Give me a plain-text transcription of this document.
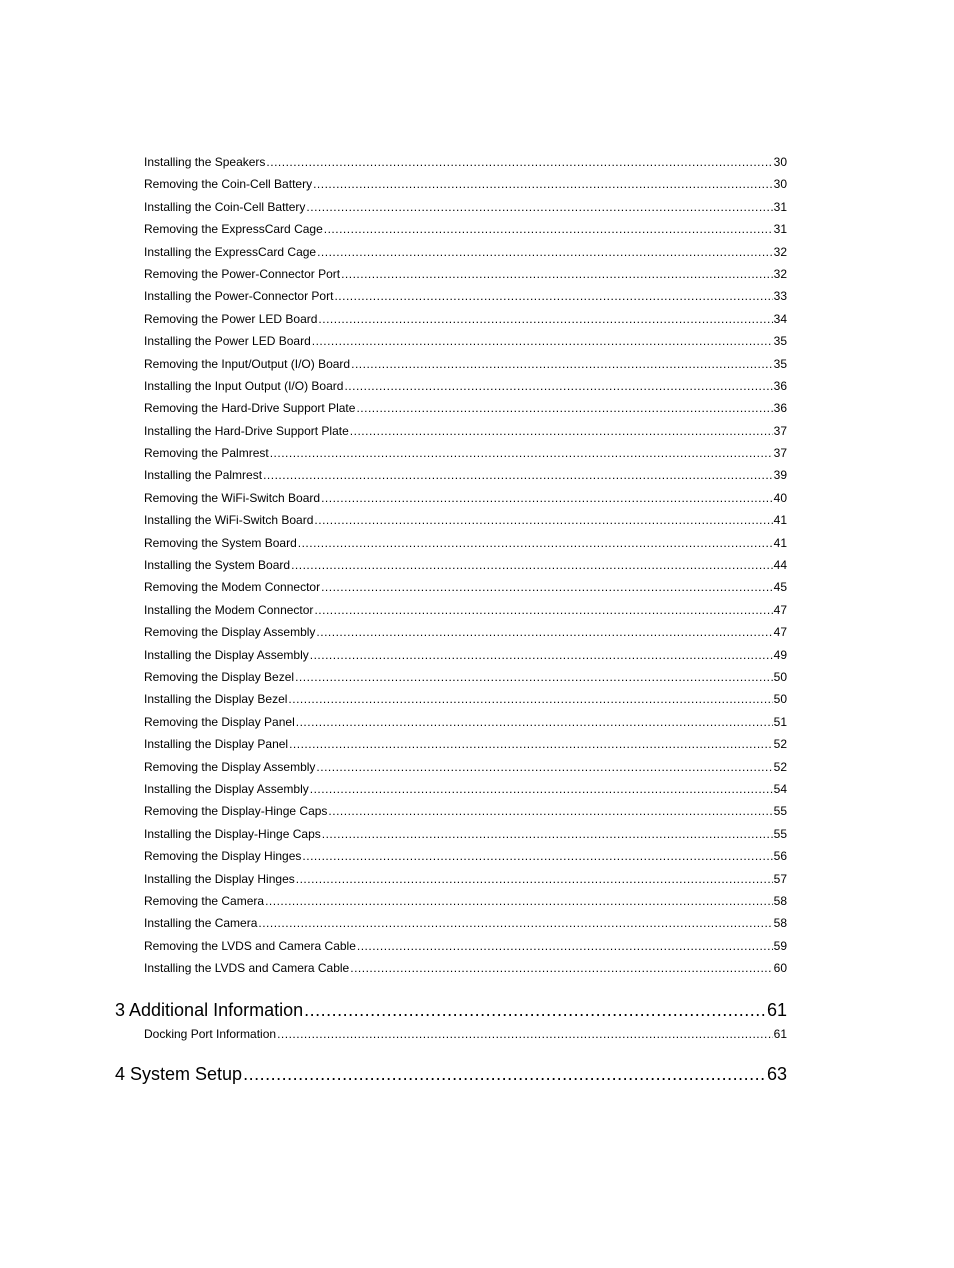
Installing the Speakers .....	30
Removing the Coin-Cell Battery .....	30
Installing the Coin-Cell Battery .....	31
Removing the ExpressCard Cage .....	31
Installing the ExpressCard Cage .....	32
Removing the Power-Connector Port .....	32
Installing the Power-Connector Port .....	33
Removing the Power LED Board .....	34
Installing the Power LED Board .....	35
Removing the Input/Output (I/O) Board .....	35
Installing the Input Output (I/O) Board .....	36
Removing the Hard-Drive Support Plate .....	36
Installing the Hard-Drive Support Plate .....	37
Removing the Palmrest .....	37
Installing the Palmrest .....	39
Removing the WiFi-Switch Board .....	40
Installing the WiFi-Switch Board .....	41
Removing the System Board .....	41
Installing the System Board .....	44
Removing the Modem Connector .....	45
Installing the Modem Connector .....	47
Removing the Display Assembly .....	47
Installing the Display Assembly .....	49
Removing the Display Bezel .....	50
Installing the Display Bezel .....	50
Removing the Display Panel .....	51
Installing the Display Panel .....	52
Removing the Display Assembly .....	52
Installing the Display Assembly .....	54
Removing the Display-Hinge Caps .....	55
Installing the Display-Hinge Caps .....	55
Removing the Display Hinges .....	56
Installing the Display Hinges .....	57
Removing the Camera .....	58
Installing the Camera .....	58
Removing the LVDS and Camera Cable .....	59
Installing the LVDS and Camera Cable .....	60
3 Additional Information .....	61
Docking Port Information .....	61
4 System Setup .....	63
